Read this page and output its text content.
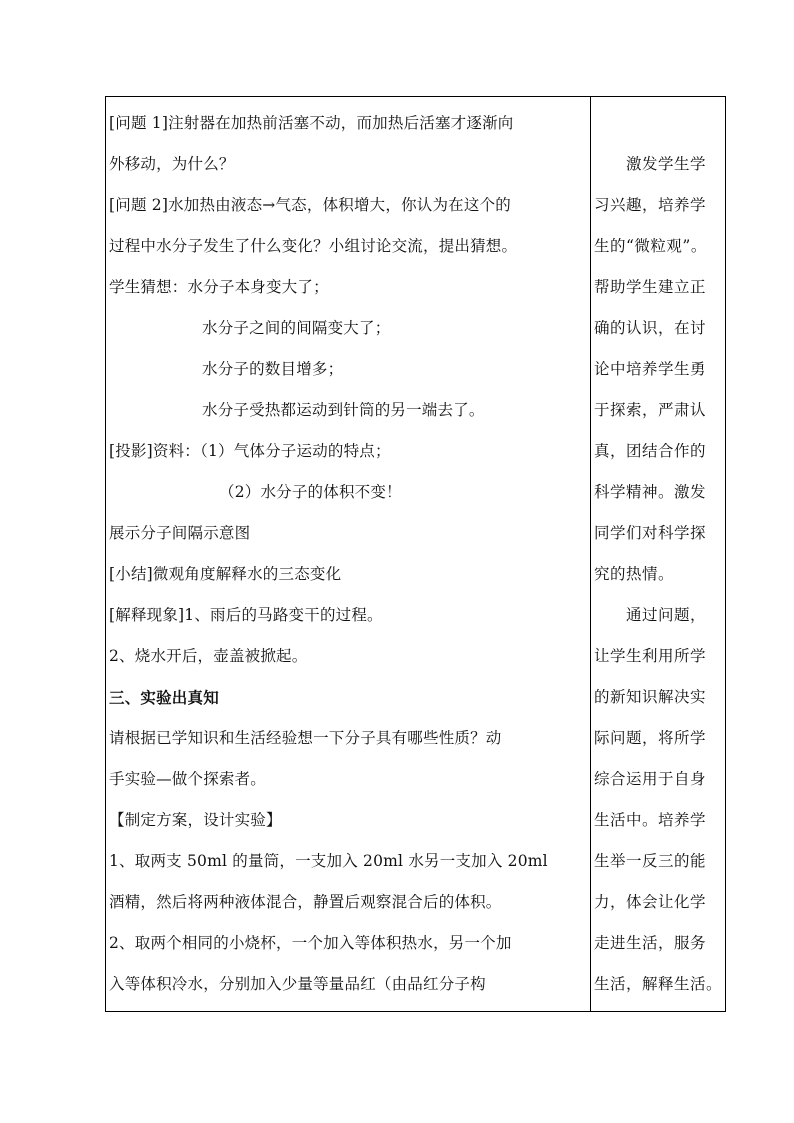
[问题 1]注射器在加热前活塞不动，而加热后活塞才逐渐向
外移动，为什么？
[问题 2]水加热由液态→气态，体积增大，你认为在这个的
过程中水分子发生了什么变化？小组讨论交流，提出猜想。
学生猜想：水分子本身变大了；
水分子之间的间隔变大了；
水分子的数目增多；
水分子受热都运动到针筒的另一端去了。
[投影]资料：（1）气体分子运动的特点；
（2）水分子的体积不变！
展示分子间隔示意图
[小结]微观角度解释水的三态变化
[解释现象]1、雨后的马路变干的过程。
2、烧水开后，壶盖被掀起。
三、实验出真知
请根据已学知识和生活经验想一下分子具有哪些性质？动
手实验—做个探索者。
【制定方案，设计实验】
1、取两支 50ml 的量筒，一支加入 20ml 水另一支加入 20ml
酒精，然后将两种液体混合，静置后观察混合后的体积。
2、取两个相同的小烧杯，一个加入等体积热水，另一个加
入等体积冷水，分别加入少量等量品红（由品红分子构
激发学生学
习兴趣，培养学
生的“微粒观”。
帮助学生建立正
确的认识，在讨
论中培养学生勇
于探索，严肃认
真，团结合作的
科学精神。激发
同学们对科学探
究的热情。
通过问题，
让学生利用所学
的新知识解决实
际问题，将所学
综合运用于自身
生活中。培养学
生举一反三的能
力，体会让化学
走进生活，服务
生活，解释生活。
